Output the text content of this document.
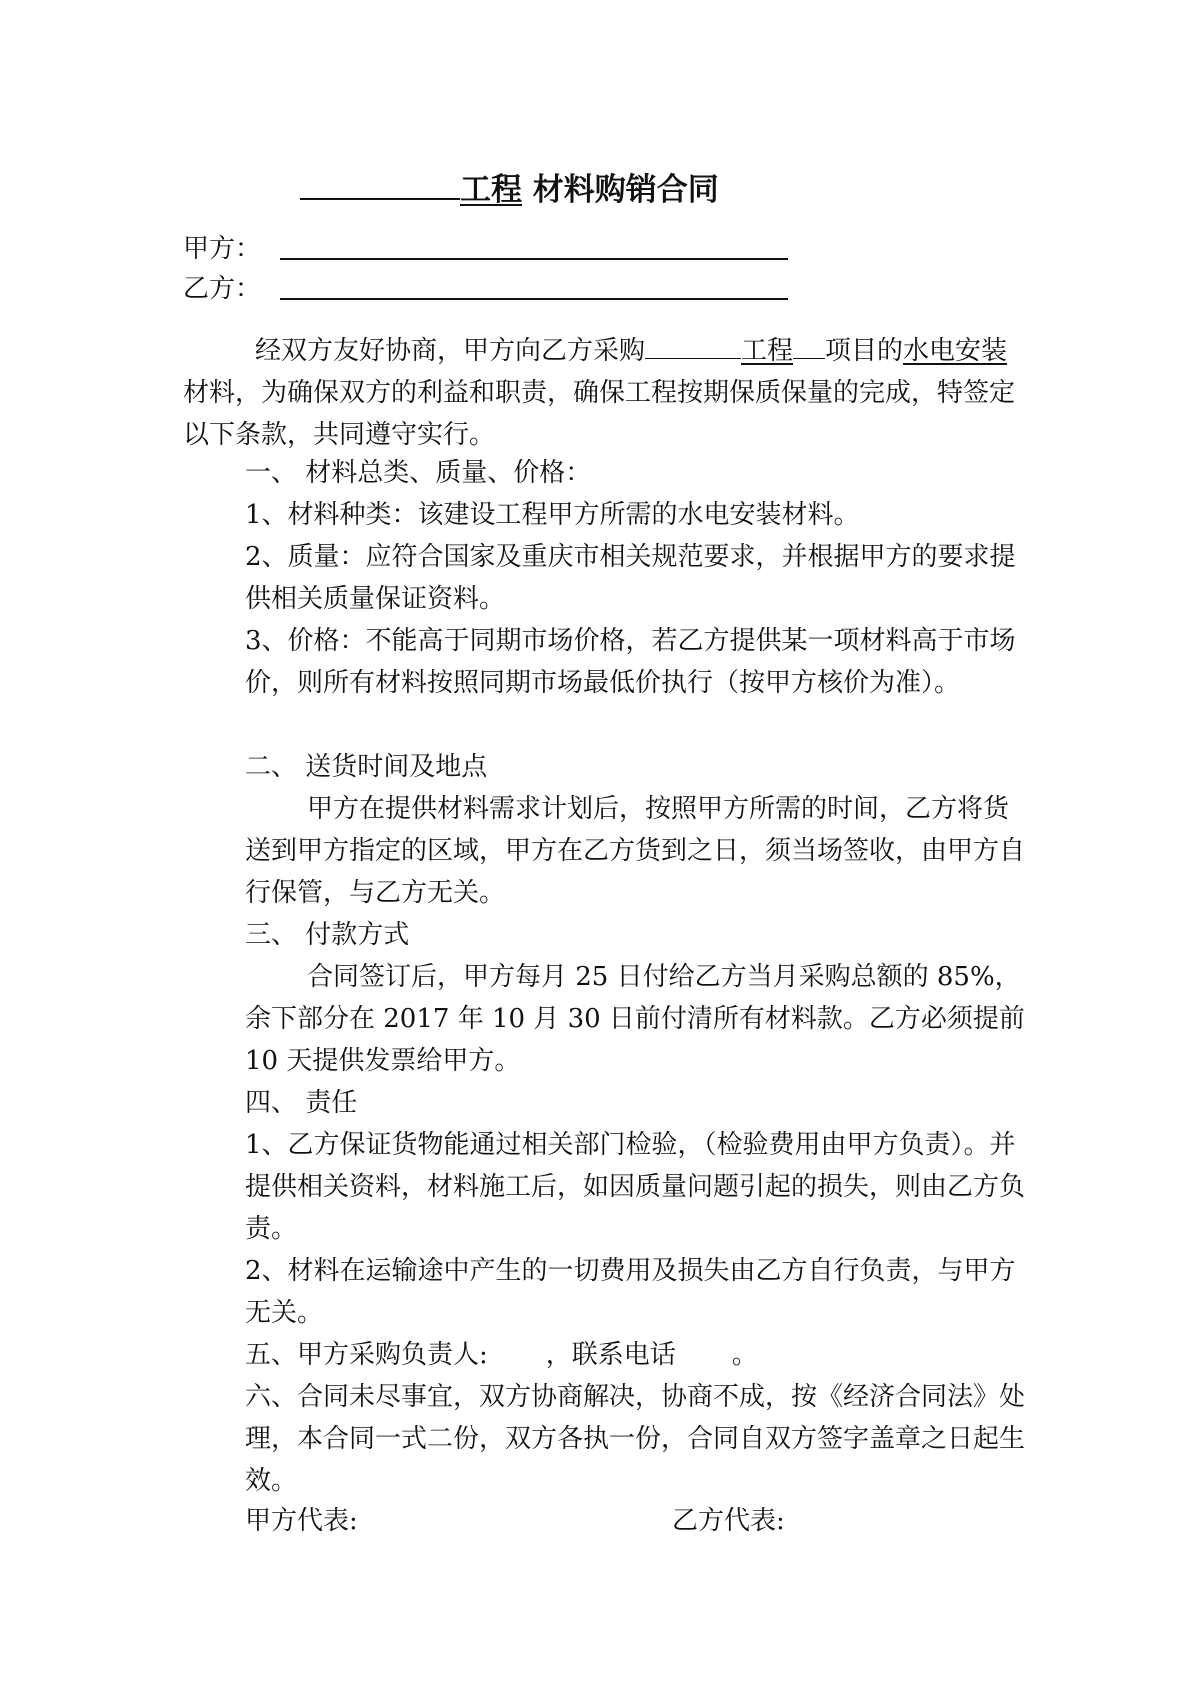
工程 材料购销合同
甲方：
乙方：

经双方友好协商，甲方向乙方采购	工程 项目的水电安装材料，为确保双方的利益和职责，确保工程按期保质保量的完成，特签定以下条款，共同遵守实行。

一、 材料总类、质量、价格：

1、材料种类：该建设工程甲方所需的水电安装材料。

2、质量：应符合国家及重庆市相关规范要求，并根据甲方的要求提供相关质量保证资料。

3、价格：不能高于同期市场价格，若乙方提供某一项材料高于市场价，则所有材料按照同期市场最低价执行（按甲方核价为准）。

二、 送货时间及地点

甲方在提供材料需求计划后，按照甲方所需的时间，乙方将货送到甲方指定的区域，甲方在乙方货到之日，须当场签收，由甲方自行保管，与乙方无关。

三、 付款方式

合同签订后，甲方每月 25 日付给乙方当月采购总额的 85%，余下部分在 2017 年 10 月 30 日前付清所有材料款。乙方必须提前 10 天提供发票给甲方。

四、 责任

1、乙方保证货物能通过相关部门检验，（检验费用由甲方负责）。并提供相关资料，材料施工后，如因质量问题引起的损失，则由乙方负责。

2、材料在运输途中产生的一切费用及损失由乙方自行负责，与甲方无关。

五、甲方采购负责人: ，联系电话 。

六、合同未尽事宜，双方协商解决，协商不成，按《经济合同法》处理，本合同一式二份，双方各执一份，合同自双方签字盖章之日起生效。

甲方代表:	乙方代表:
